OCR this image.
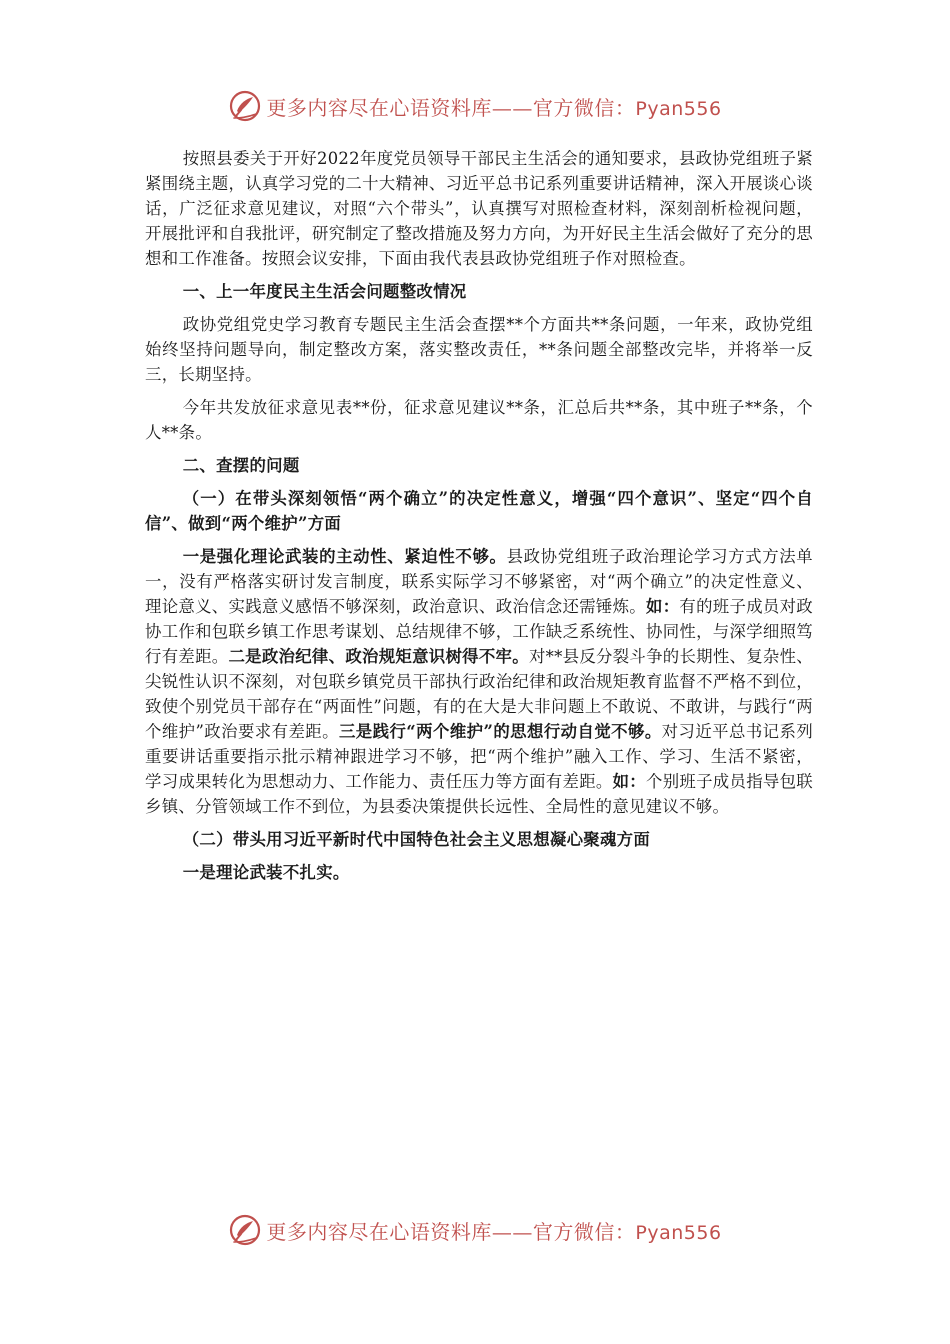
更多内容尽在心语资料库——官方微信：Pyan556

按照县委关于开好2022年度党员领导干部民主生活会的通知要求，县政协党组班子紧紧围绕主题，认真学习党的二十大精神、习近平总书记系列重要讲话精神，深入开展谈心谈话，广泛征求意见建议，对照“六个带头”，认真撰写对照检查材料，深刻剖析检视问题，开展批评和自我批评，研究制定了整改措施及努力方向，为开好民主生活会做好了充分的思想和工作准备。按照会议安排，下面由我代表县政协党组班子作对照检查。

一、上一年度民主生活会问题整改情况

政协党组党史学习教育专题民主生活会查摆**个方面共**条问题，一年来，政协党组始终坚持问题导向，制定整改方案，落实整改责任，**条问题全部整改完毕，并将举一反三，长期坚持。

今年共发放征求意见表**份，征求意见建议**条，汇总后共**条，其中班子**条，个人**条。

二、查摆的问题

（一）在带头深刻领悟“两个确立”的决定性意义，增强“四个意识”、坚定“四个自信”、做到“两个维护”方面

一是强化理论武装的主动性、紧迫性不够。县政协党组班子政治理论学习方式方法单一，没有严格落实研讨发言制度，联系实际学习不够紧密，对“两个确立”的决定性意义、理论意义、实践意义感悟不够深刻，政治意识、政治信念还需锤炼。如：有的班子成员对政协工作和包联乡镇工作思考谋划、总结规律不够，工作缺乏系统性、协同性，与深学细照笃行有差距。二是政治纪律、政治规矩意识树得不牢。对**县反分裂斗争的长期性、复杂性、尖锐性认识不深刻，对包联乡镇党员干部执行政治纪律和政治规矩教育监督不严格不到位，致使个别党员干部存在“两面性”问题，有的在大是大非问题上不敢说、不敢讲，与践行“两个维护”政治要求有差距。三是践行“两个维护”的思想行动自觉不够。对习近平总书记系列重要讲话重要指示批示精神跟进学习不够，把“两个维护”融入工作、学习、生活不紧密，学习成果转化为思想动力、工作能力、责任压力等方面有差距。如：个别班子成员指导包联乡镇、分管领域工作不到位，为县委决策提供长远性、全局性的意见建议不够。

（二）带头用习近平新时代中国特色社会主义思想凝心聚魂方面

一是理论武装不扎实。

更多内容尽在心语资料库——官方微信：Pyan556
